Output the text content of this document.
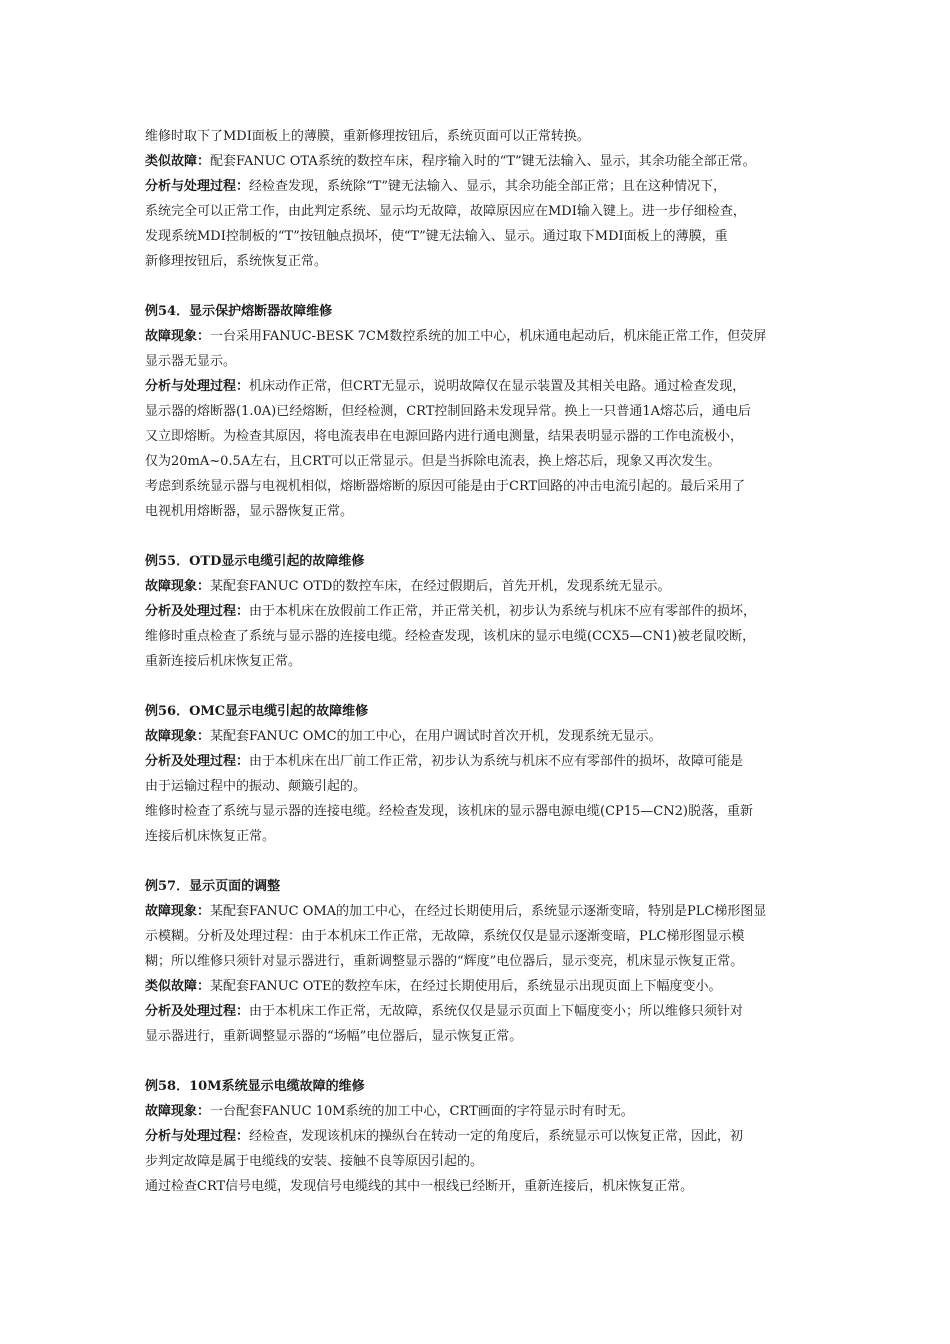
维修时取下了MDI面板上的薄膜，重新修理按钮后，系统页面可以正常转换。
类似故障：配套FANUC OTA系统的数控车床，程序输入时的“T”键无法输入、显示，其余功能全部正常。
分析与处理过程：经检查发现，系统除“T”键无法输入、显示，其余功能全部正常；且在这种情况下，
系统完全可以正常工作，由此判定系统、显示均无故障，故障原因应在MDI输入键上。进一步仔细检查，
发现系统MDI控制板的“T”按钮触点损坏，使“T”键无法输入、显示。通过取下MDI面板上的薄膜，重
新修理按钮后，系统恢复正常。
例54．显示保护熔断器故障维修
故障现象：一台采用FANUC-BESK 7CM数控系统的加工中心，机床通电起动后，机床能正常工作，但荧屏
显示器无显示。
分析与处理过程：机床动作正常，但CRT无显示，说明故障仅在显示装置及其相关电路。通过检查发现，
显示器的熔断器(1.0A)已经熔断，但经检测，CRT控制回路未发现异常。换上一只普通1A熔芯后，通电后
又立即熔断。为检查其原因，将电流表串在电源回路内进行通电测量，结果表明显示器的工作电流极小，
仅为20mA~0.5A左右，且CRT可以正常显示。但是当拆除电流表，换上熔芯后，现象又再次发生。
考虑到系统显示器与电视机相似，熔断器熔断的原因可能是由于CRT回路的冲击电流引起的。最后采用了
电视机用熔断器，显示器恢复正常。
例55．OTD显示电缆引起的故障维修
故障现象：某配套FANUC OTD的数控车床，在经过假期后，首先开机，发现系统无显示。
分析及处理过程：由于本机床在放假前工作正常，并正常关机，初步认为系统与机床不应有零部件的损坏，
维修时重点检查了系统与显示器的连接电缆。经检查发现，该机床的显示电缆(CCX5—CN1)被老鼠咬断，
重新连接后机床恢复正常。
例56．OMC显示电缆引起的故障维修
故障现象：某配套FANUC OMC的加工中心，在用户调试时首次开机，发现系统无显示。
分析及处理过程：由于本机床在出厂前工作正常，初步认为系统与机床不应有零部件的损坏，故障可能是
由于运输过程中的振动、颠簸引起的。
维修时检查了系统与显示器的连接电缆。经检查发现，该机床的显示器电源电缆(CP15—CN2)脱落，重新
连接后机床恢复正常。
例57．显示页面的调整
故障现象：某配套FANUC OMA的加工中心，在经过长期使用后，系统显示逐渐变暗，特别是PLC梯形图显
示模糊。分析及处理过程：由于本机床工作正常，无故障，系统仅仅是显示逐渐变暗，PLC梯形图显示模
糊；所以维修只须针对显示器进行，重新调整显示器的“辉度”电位器后，显示变亮，机床显示恢复正常。
类似故障：某配套FANUC OTE的数控车床，在经过长期使用后，系统显示出现页面上下幅度变小。
分析及处理过程：由于本机床工作正常，无故障，系统仅仅是显示页面上下幅度变小；所以维修只须针对
显示器进行，重新调整显示器的“场幅”电位器后，显示恢复正常。
例58．10M系统显示电缆故障的维修
故障现象：一台配套FANUC 10M系统的加工中心，CRT画面的字符显示时有时无。
分析与处理过程：经检查，发现该机床的操纵台在转动一定的角度后，系统显示可以恢复正常，因此，初
步判定故障是属于电缆线的安装、接触不良等原因引起的。
通过检查CRT信号电缆，发现信号电缆线的其中一根线已经断开，重新连接后，机床恢复正常。
